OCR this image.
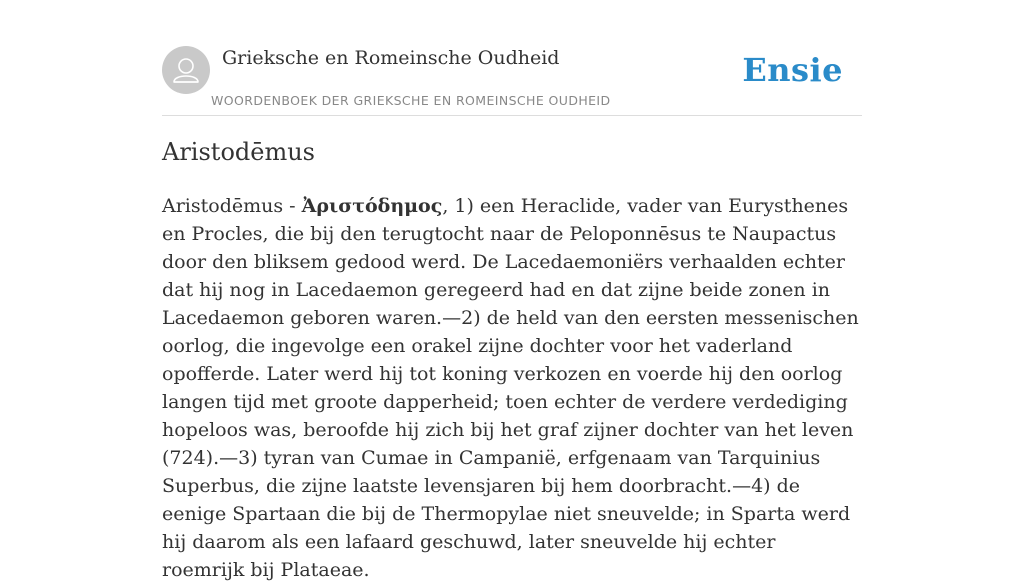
Grieksche en Romeinsche Oudheid
WOORDENBOEK DER GRIEKSCHE EN ROMEINSCHE OUDHEID
Ensie
Aristodēmus

Aristodēmus - Ἀριστόδημος, 1) een Heraclide, vader van Eurysthenes en Procles, die bij den terugtocht naar de Peloponnēsus te Naupactus door den bliksem gedood werd. De Lacedaemoniërs verhaalden echter dat hij nog in Lacedaemon geregeerd had en dat zijne beide zonen in Lacedaemon geboren waren.—2) de held van den eersten messenischen oorlog, die ingevolge een orakel zijne dochter voor het vaderland opofferde. Later werd hij tot koning verkozen en voerde hij den oorlog langen tijd met groote dapperheid; toen echter de verdere verdediging hopeloos was, beroofde hij zich bij het graf zijner dochter van het leven (724).—3) tyran van Cumae in Campanië, erfgenaam van Tarquinius Superbus, die zijne laatste levensjaren bij hem doorbracht.—4) de eenige Spartaan die bij de Thermopylae niet sneuvelde; in Sparta werd hij daarom als een lafaard geschuwd, later sneuvelde hij echter roemrijk bij Plataeae.
